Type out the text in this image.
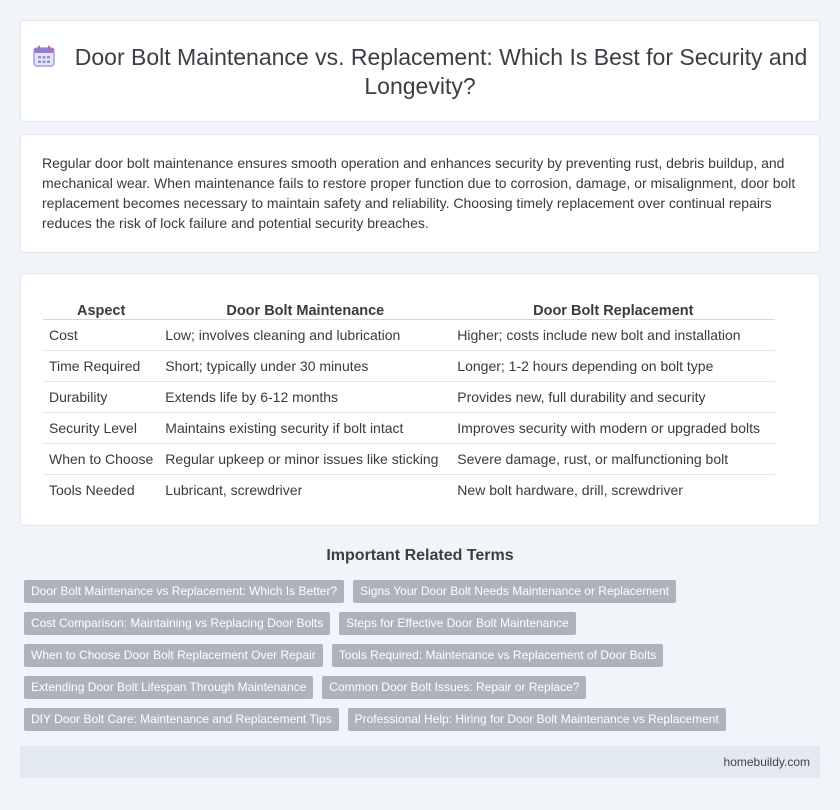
Door Bolt Maintenance vs. Replacement: Which Is Best for Security and Longevity?

Regular door bolt maintenance ensures smooth operation and enhances security by preventing rust, debris buildup, and mechanical wear. When maintenance fails to restore proper function due to corrosion, damage, or misalignment, door bolt replacement becomes necessary to maintain safety and reliability. Choosing timely replacement over continual repairs reduces the risk of lock failure and potential security breaches.

Aspect	Door Bolt Maintenance	Door Bolt Replacement
Cost	Low; involves cleaning and lubrication	Higher; costs include new bolt and installation
Time Required	Short; typically under 30 minutes	Longer; 1-2 hours depending on bolt type
Durability	Extends life by 6-12 months	Provides new, full durability and security
Security Level	Maintains existing security if bolt intact	Improves security with modern or upgraded bolts
When to Choose	Regular upkeep or minor issues like sticking	Severe damage, rust, or malfunctioning bolt
Tools Needed	Lubricant, screwdriver	New bolt hardware, drill, screwdriver
Important Related Terms
Door Bolt Maintenance vs Replacement: Which Is Better?	Signs Your Door Bolt Needs Maintenance or Replacement
Cost Comparison: Maintaining vs Replacing Door Bolts	Steps for Effective Door Bolt Maintenance
When to Choose Door Bolt Replacement Over Repair	Tools Required: Maintenance vs Replacement of Door Bolts
Extending Door Bolt Lifespan Through Maintenance	Common Door Bolt Issues: Repair or Replace?
DIY Door Bolt Care: Maintenance and Replacement Tips	Professional Help: Hiring for Door Bolt Maintenance vs Replacement
homebuildy.com
